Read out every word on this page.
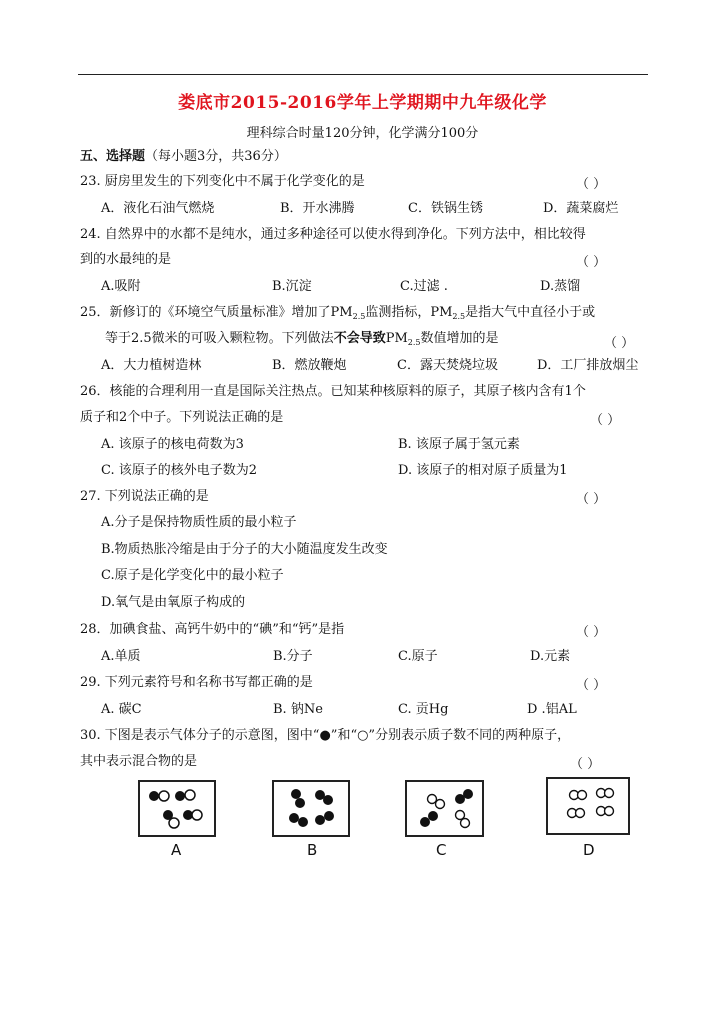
娄底市2015-2016学年上学期期中九年级化学
理科综合时量120分钟，化学满分100分
五、选择题（每小题3分，共36分）
23. 厨房里发生的下列变化中不属于化学变化的是	（ ）
A．液化石油气燃烧	B．开水沸腾	C．铁锅生锈	D．蔬菜腐烂
24. 自然界中的水都不是纯水，通过多种途径可以使水得到净化。下列方法中，相比较得
到的水最纯的是	（ ）
A.吸附	B.沉淀	C.过滤 .	D.蒸馏
25．新修订的《环境空气质量标准》增加了$PM_{2.5}$监测指标，$PM_{2.5}$是指大气中直径小于或
等于2.5微米的可吸入颗粒物。下列做法不会导致$PM_{2.5}$数值增加的是	（ ）
A．大力植树造林	B．燃放鞭炮	C．露天焚烧垃圾	D．工厂排放烟尘
26．核能的合理利用一直是国际关注热点。已知某种核原料的原子，其原子核内含有1个
质子和2个中子。下列说法正确的是	（ ）
A. 该原子的核电荷数为3	B. 该原子属于氢元素
C. 该原子的核外电子数为2	D. 该原子的相对原子质量为1
27. 下列说法正确的是	（ ）
A.分子是保持物质性质的最小粒子
B.物质热胀冷缩是由于分子的大小随温度发生改变
C.原子是化学变化中的最小粒子
D.氧气是由氧原子构成的
28．加碘食盐、高钙牛奶中的“碘”和“钙”是指	（ ）
A.单质	B.分子	C.原子	D.元素
29. 下列元素符号和名称书写都正确的是	（ ）
A. 碳C	B. 钠Ne	C. 贡Hg	D .铝AL
30. 下图是表示气体分子的示意图，图中“●”和“○”分别表示质子数不同的两种原子，
其中表示混合物的是	（ ）
A	B	C	D
